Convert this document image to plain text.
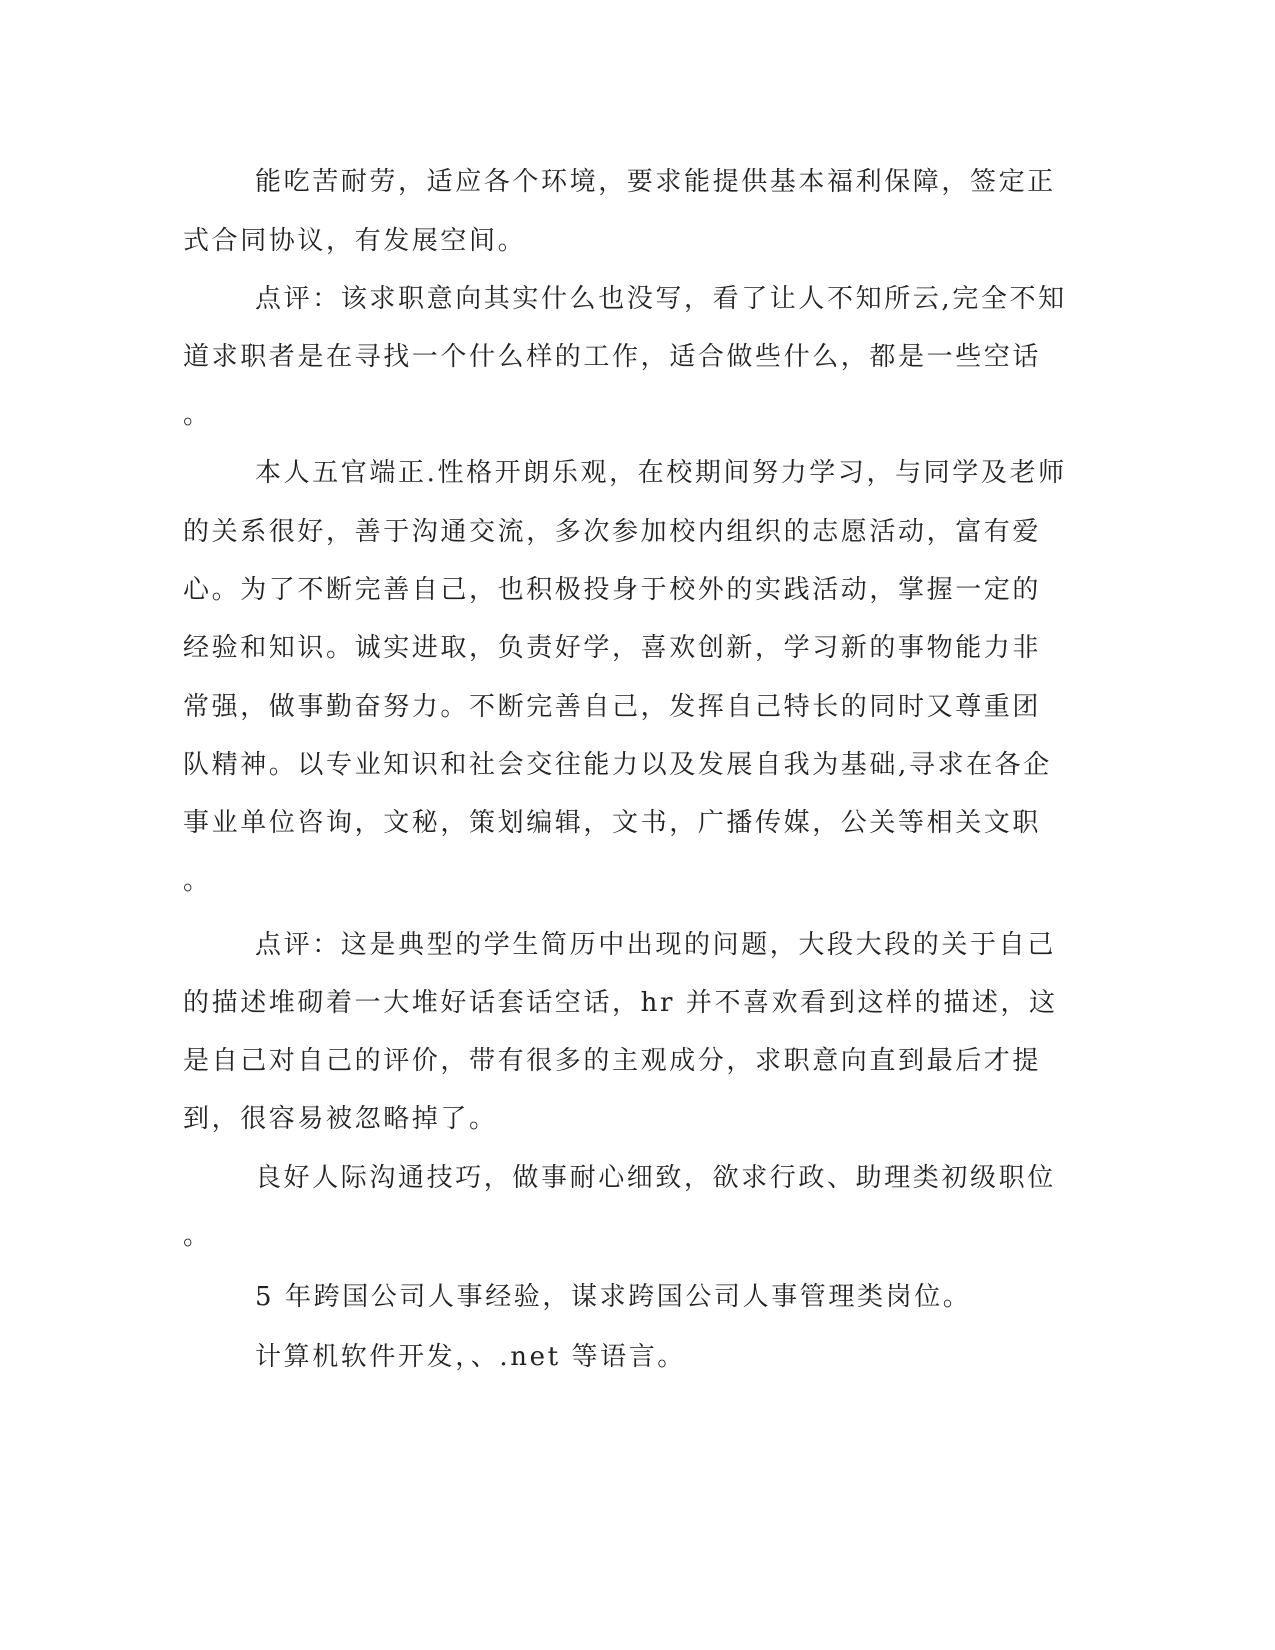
能吃苦耐劳，适应各个环境，要求能提供基本福利保障，签定正
式合同协议，有发展空间。
点评：该求职意向其实什么也没写，看了让人不知所云,完全不知
道求职者是在寻找一个什么样的工作，适合做些什么，都是一些空话
。
本人五官端正.性格开朗乐观，在校期间努力学习，与同学及老师
的关系很好，善于沟通交流，多次参加校内组织的志愿活动，富有爱
心。为了不断完善自己，也积极投身于校外的实践活动，掌握一定的
经验和知识。诚实进取，负责好学，喜欢创新，学习新的事物能力非
常强，做事勤奋努力。不断完善自己，发挥自己特长的同时又尊重团
队精神。以专业知识和社会交往能力以及发展自我为基础,寻求在各企
事业单位咨询，文秘，策划编辑，文书，广播传媒，公关等相关文职
。
点评：这是典型的学生简历中出现的问题，大段大段的关于自己
的描述堆砌着一大堆好话套话空话，hr 并不喜欢看到这样的描述，这
是自己对自己的评价，带有很多的主观成分，求职意向直到最后才提
到，很容易被忽略掉了。
良好人际沟通技巧，做事耐心细致，欲求行政、助理类初级职位
。
5 年跨国公司人事经验，谋求跨国公司人事管理类岗位。
计算机软件开发，、.net 等语言。
